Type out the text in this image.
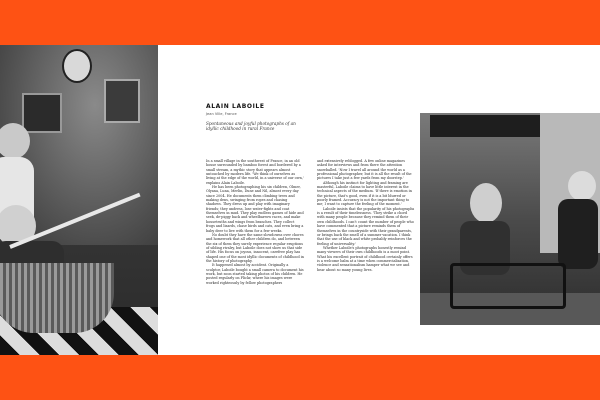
ALAIN LABOILE

Jean Ville, France

Spontaneous and joyful photographs of an idyllic childhood in rural France

In a small village in the southwest of France, in an old house surrounded by bamboo forest and bordered by a small stream, a mythic story that appears almost untouched by modern life. 'We think of ourselves as living at the edge of the world, in a universe of our own,' explains Alain Laboile.

He has been photographing his six children, Olmer, Olyana, Luna, Merlin, Dune and Nil, almost every day since 2004. He documents them climbing trees and making dens, swinging from ropes and chasing shadows. They dress up and play with imaginary friends; they undress, lose water-fights and coat themselves in mud. They play endless games of hide and seek, de-piggy back and wheelbarrow races, and make housetruths and wings from branches. They collect frogs and lizards, chase birds and cats, and even bring a baby deer to live with them for a few weeks.

No doubt they have the same slowdowns over chores and homework that all other children do, and between the six of them they surely experience regular eruptions of sibling rivalry, but Laboile does not show us that side of life. His focus on joyous, innocent, carefree play has shaped one of the most idyllic documents of childhood in the history of photography.

It happened almost by accident. Originally a sculptor, Laboile bought a small camera to document his work, but soon started taking photos of his children. He posted regularly on Flickr, where his images were worked righteously by fellow photographers

and extensively reblogged. A few online magazines asked for interviews and from there the attention snowballed. 'Now I travel all around the world as a professional photographer, but it is all the result of the pictures I take just a few yards from my doorstep.'

Although his instinct for lighting and framing are masterful, Laboile claims to have little interest in the technical aspects of the medium. 'If there is emotion in the picture, that's good, even if it is a bit blurred or poorly framed. Accuracy is not the important thing to me; I want to capture the feeling of the moment.'

Laboile insists that the popularity of his photographs is a result of their timelessness. 'They strike a chord with many people because they remind them of their own childhoods. I can't count the number of people who have commented that a picture reminds them of themselves in the countryside with their grandparents, or brings back the smell of a summer vacation. I think that the use of black and white probably reinforces the feeling of universality.'

Whether Laboile's photographs honestly remind many viewers of their own childhoods is a moot point. What his excellent portrait of childhood certainly offers is a welcome balm at a time when commercialization, violence and sensationalism hamper what we see and hear about so many young lives.
